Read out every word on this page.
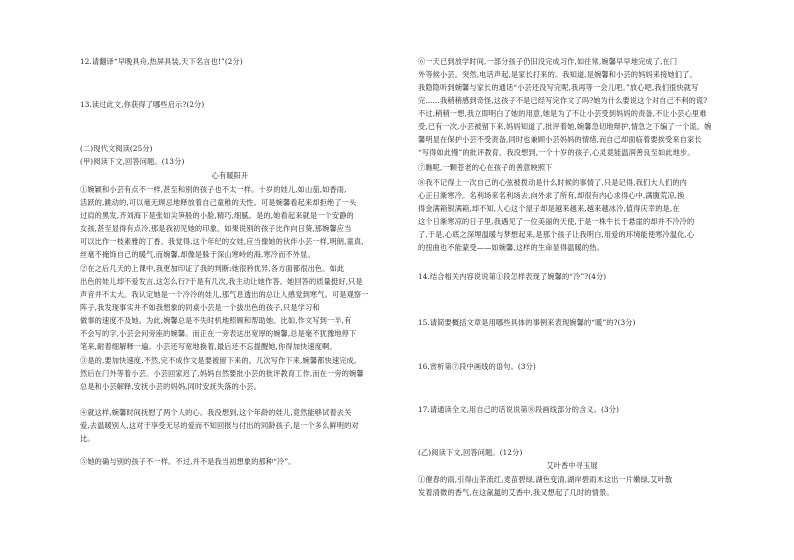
12.请翻译“早晚具舟,热屏具装,天下名言也!”(2分)
13.读过此文,你获得了哪些启示?(2分)
(二)现代文阅读(25分)
(甲)阅读下文,回答问题。(13分)
心有暖阳开
①婉颖和小芸有点不一样,甚至和别的孩子也不太一样。十岁的娃儿,如山茄,如香雨,
活跃的,跳动的,可以毫无顾忌地释放着自己童稚的天性。可是婉馨看起来却拒绝了一头
过肩的黑发,齐刘海下是张如尖笋般的小脸,精巧,细腻。是的,她看起来就是一个安静的
女孩,甚至显得有点冷,那是我初见她的印象。如果说别的孩子比作向日葵,那婉馨应当
可以比作一枝素雅的丁香。我觉得,这个年纪的女娃,应当像她的伙伴小芸一样,明朗,童真,
丝毫不掩饰自己的暖气,而婉馨,却像是躲于深山寒岭的海,寒冷而不外显。
②在之后几天的上课中,我更加印证了我的判断:她很矜优异,各方面都很出色。如此
出色的娃儿却不爱发言,这怎么行?于是有几次,我主动让她作答。她回答的质量挺好,只是
声音并不太大。我认定她是一个冷冷的娃儿,那气息透出的总让人感觉到寒气。可是观察一
阵子,我发现事实并不如我想象的同桌小芸是一个拔出色的孩子,只是学习和
做事的速度不及她。为此,婉馨总是不失时机地照顾和帮助她。比如,作文写到一半,有
不会写的字,小芸会问旁座的婉馨。而正在一旁表达出宽厚的婉馨,总是毫不犹豫地停下
笔来,耐着细解释一遍。小芸还写宽地换着,最后还不忘提醒她,你得加快速度啊。
③是的,要加快速度,不然,完不成作文是要被留下来的。几次写作下来,婉馨都快速完成,
然后在门外等着小芸。小芸回家迟了,妈妈自然要批小芸的批评教育工作,而在一旁的婉馨
总是和小芸解释,安抚小芸的妈妈,同时安抚失落的小芸。
④就这样,婉馨时间抚慰了两个人的心。我没想到,这个年龄的娃儿,竟然能够试着去关
爱,去温暖别人,这对于享受无尽的爱而不知回报与付出的同龄孩子,是一个多么鲜明的对
比。
⑤她的确与别的孩子不一样。不过,并不是我当初想象的那种“冷”。
⑥一天已到放学时间,一部分孩子仍旧没完成习作,如往常,婉馨早早地完成了,在门
外等候小芸。突然,电话声起,是家长打来的。我知道,是婉馨和小芸的妈妈来接她们了。
我隐隐听到婉馨与家长的通话“小芸还没写完呢,我再等一会儿吧。”放心吧,我们很快就写
完……我稍稍感到奇怪,这孩子不是已经写完作文了吗?她为什么要说这个对自己不利的谎?
不过,稍稍一想,我立即明白了她的用意,她是为了不让小芸受到妈妈的责备,不让小芸心里难
受,已有一次,小芸被留下来,妈妈知道了,批评着她,婉馨急切地辩护,情急之下编了一个谎。婉
馨明显在保护小芸不受责备,同时也兼顾小芸妈妈的情绪,而自己却面临着要挨受来自家长
“写得如此慢”的批评教育。我没想到,一个十岁的孩子,心灵竟能温润善良至如此地步。
⑦瞧呢,一颗苍老的心在孩子的善意映照下
⑧我不记得上一次自己的心弦被拨动是什么时候的事情了,只是记得,我们大人们的内
心正日渐寒冷。名利场来名利场去,向外求了所有,却很有内心求得心中,满腹荒凉,换
得金满箱银满箱,却不知,人心这个屋子却是越来越来,越来越冰冷,值得庆幸的是,在
这个日渐寒凉的日子里,我遇见了一位美丽的天使,于是一株牛长于悬崖的却并不冷冷的
了,于是,心底之深埋温暖与梦想起来,是那个孩子让我明白,用爱的环境能使寒冷温化,心
的扭曲也不能蒙受——如婉馨,这样的生命显得温暖的热。
14.结合相关内容说说第①段怎样表现了婉馨的“冷”?(4分)
15.请简要概括文章是用哪些具体的事例来表现婉馨的“暖”的?(3分)
16.赏析第⑦段中画线的语句。(3分)
17.请通读全文,用自己的话说说第⑧段画线部分的含义。(3分)
(乙)阅读下文,回答问题。(12分)
艾叶香中寻玉展
①催春的雨,引得山茶流红,麦苗碧绿,湖色变清,湖岸碧雨木这出一片嫩绿,艾叶散
发着清微的香气,在这氤氲的艾香中,我又想起了几时的情景。
